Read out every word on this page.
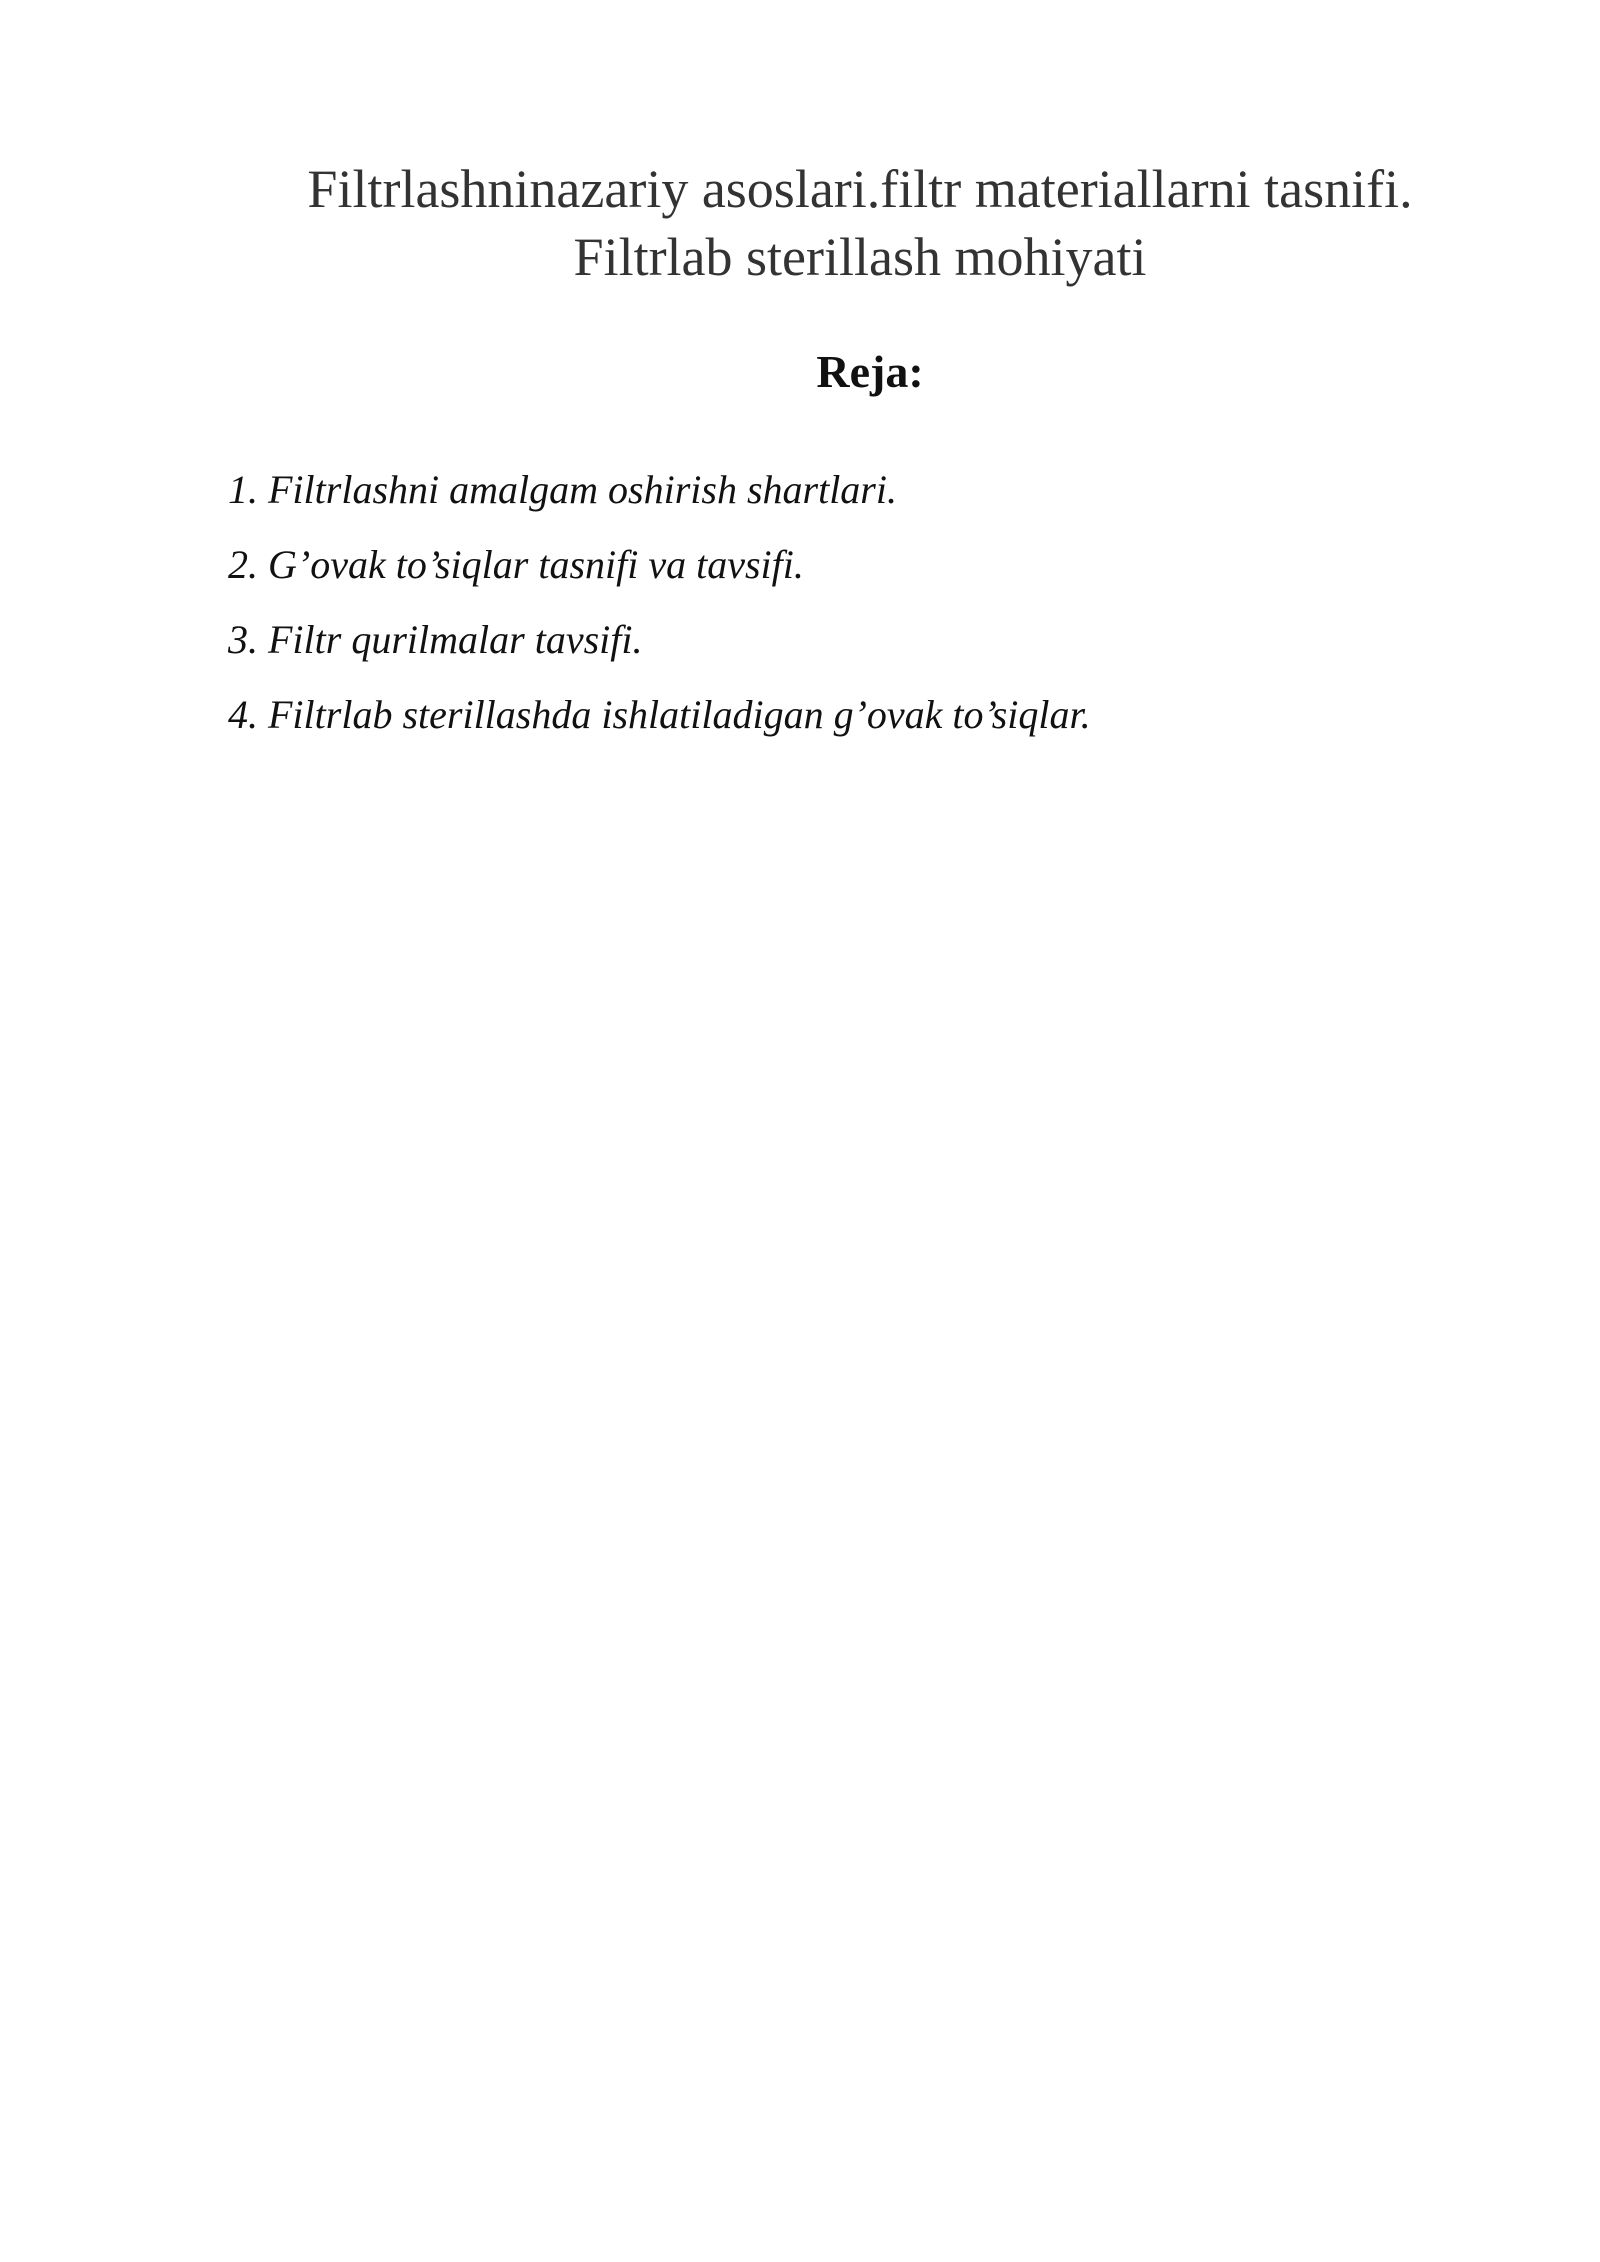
Filtrlashninazariy asoslari.filtr materiallarni tasnifi.
Filtrlab sterillash mohiyati
Reja:
1. Filtrlashni amalgam oshirish shartlari.
2. G’ovak to’siqlar tasnifi va tavsifi.
3. Filtr qurilmalar tavsifi.
4. Filtrlab sterillashda ishlatiladigan g’ovak to’siqlar.
